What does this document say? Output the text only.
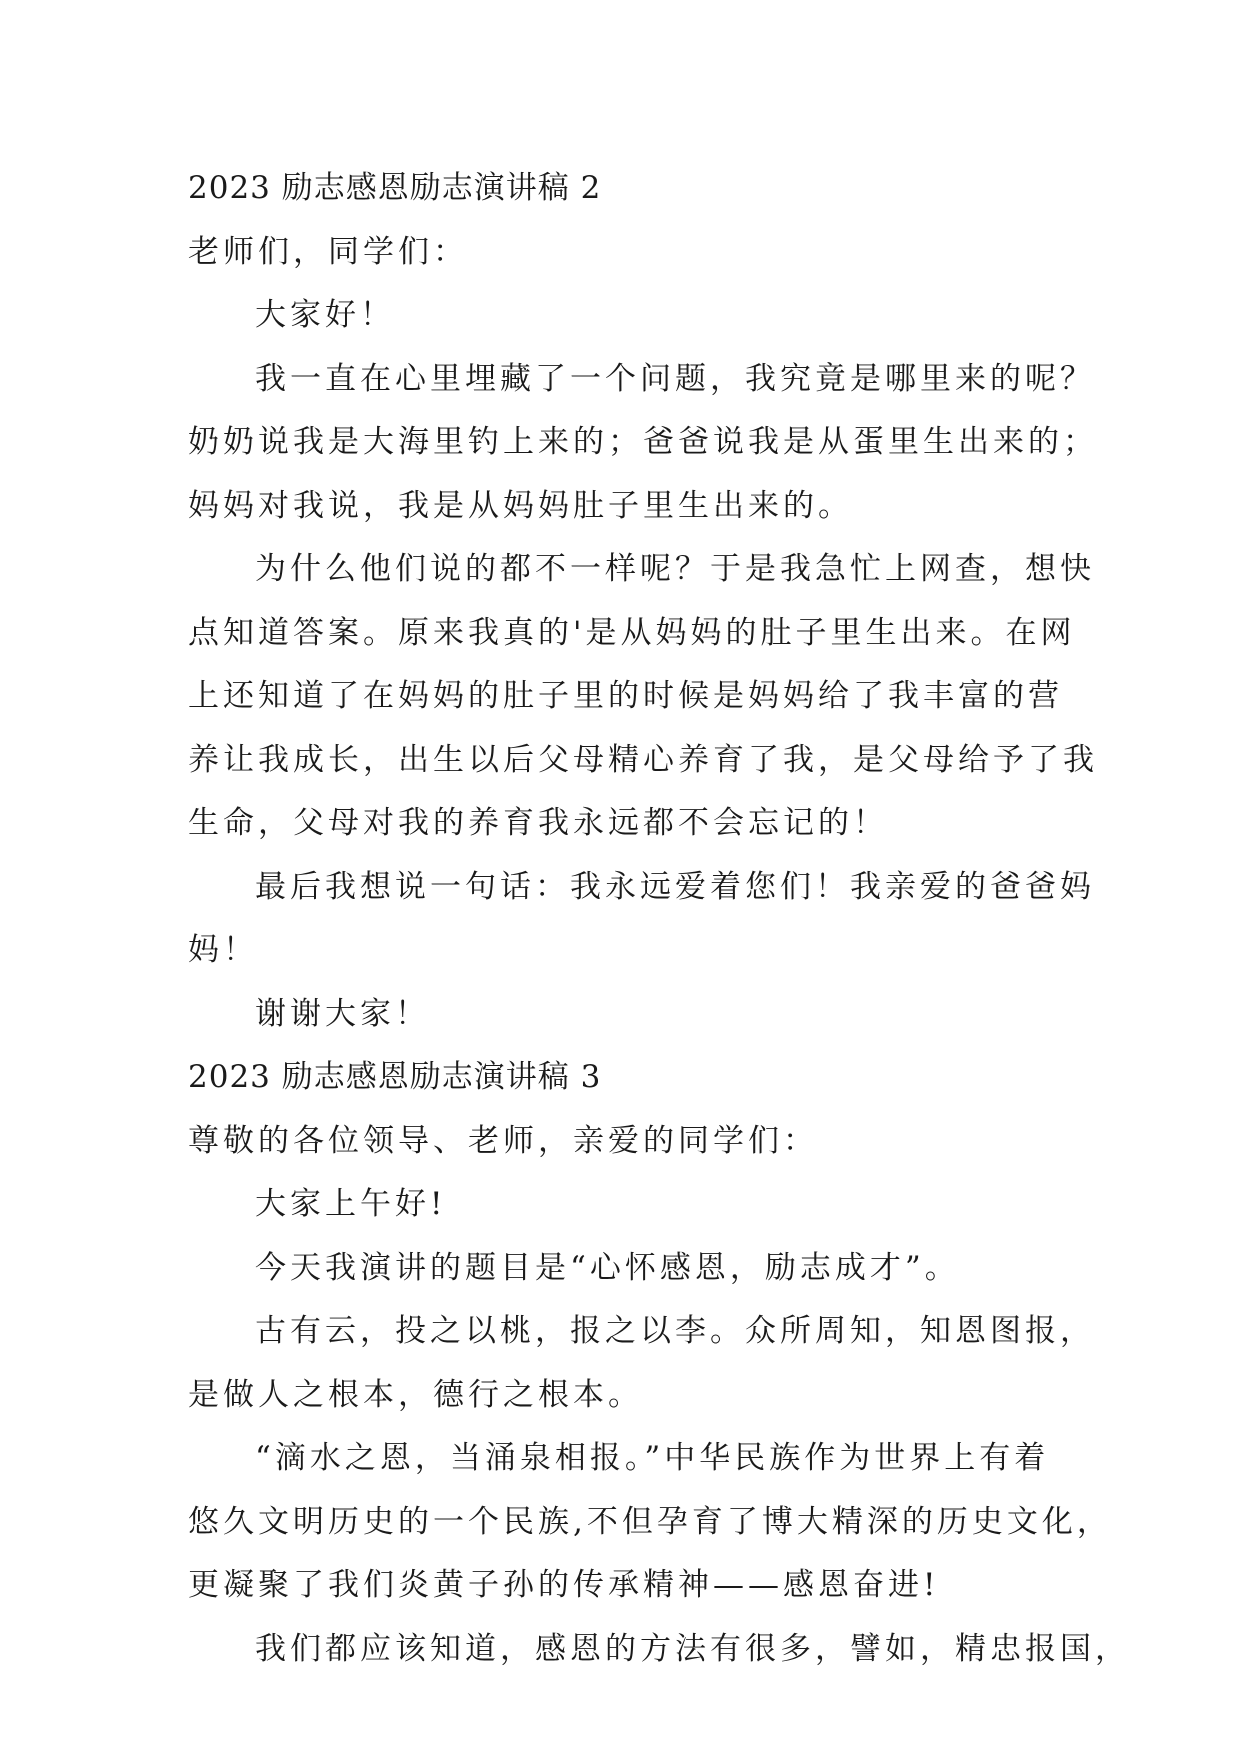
2023 励志感恩励志演讲稿 2
老师们，同学们：
大家好！
我一直在心里埋藏了一个问题，我究竟是哪里来的呢？
奶奶说我是大海里钓上来的；爸爸说我是从蛋里生出来的；
妈妈对我说，我是从妈妈肚子里生出来的。
为什么他们说的都不一样呢？于是我急忙上网查，想快
点知道答案。原来我真的'是从妈妈的肚子里生出来。在网
上还知道了在妈妈的肚子里的时候是妈妈给了我丰富的营
养让我成长，出生以后父母精心养育了我，是父母给予了我
生命，父母对我的养育我永远都不会忘记的！
最后我想说一句话：我永远爱着您们！我亲爱的爸爸妈
妈！
谢谢大家！
2023 励志感恩励志演讲稿 3
尊敬的各位领导、老师，亲爱的同学们：
大家上午好!
今天我演讲的题目是“心怀感恩，励志成才”。
古有云，投之以桃，报之以李。众所周知，知恩图报，
是做人之根本，德行之根本。
“滴水之恩，当涌泉相报。”中华民族作为世界上有着
悠久文明历史的一个民族,不但孕育了博大精深的历史文化，
更凝聚了我们炎黄子孙的传承精神——感恩奋进!
我们都应该知道，感恩的方法有很多，譬如，精忠报国，
